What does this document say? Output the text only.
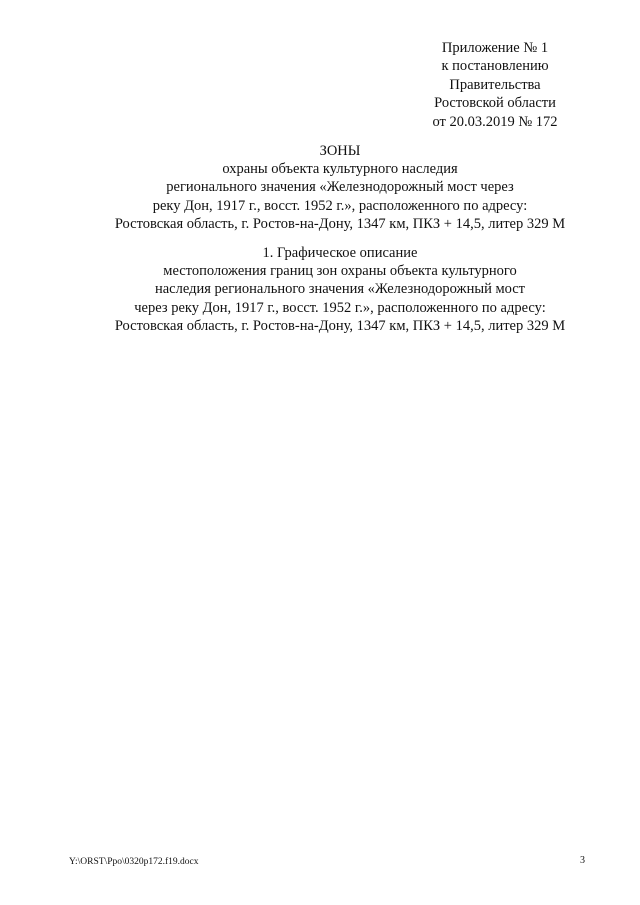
Приложение № 1
к постановлению
Правительства
Ростовской области
от 20.03.2019 № 172
ЗОНЫ
охраны объекта культурного наследия
регионального значения «Железнодорожный мост через
реку Дон, 1917 г., восст. 1952 г.», расположенного по адресу:
Ростовская область, г. Ростов-на-Дону, 1347 км, ПКЗ + 14,5, литер 329 М
1. Графическое описание
местоположения границ зон охраны объекта культурного
наследия регионального значения «Железнодорожный мост
через реку Дон, 1917 г., восст. 1952 г.», расположенного по адресу:
Ростовская область, г. Ростов-на-Дону, 1347 км, ПКЗ + 14,5, литер 329 М
Y:\ORST\Ppo\0320p172.f19.docx	3
